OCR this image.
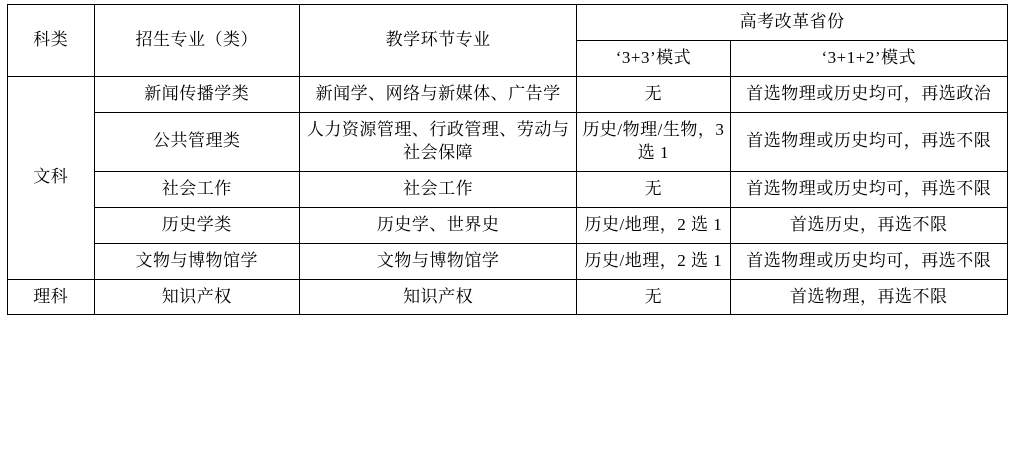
科类	招生专业（类）	教学环节专业	高考改革省份	
			‘3+3’模式	‘3+1+2’模式
文科	新闻传播学类	新闻学、网络与新媒体、广告学	无	首选物理或历史均可，再选政治
	公共管理类	人力资源管理、行政管理、劳动与社会保障	历史/物理/生物，3 选 1	首选物理或历史均可，再选不限
	社会工作	社会工作	无	首选物理或历史均可，再选不限
	历史学类	历史学、世界史	历史/地理，2 选 1	首选历史，再选不限
	文物与博物馆学	文物与博物馆学	历史/地理，2 选 1	首选物理或历史均可，再选不限
理科	知识产权	知识产权	无	首选物理，再选不限
